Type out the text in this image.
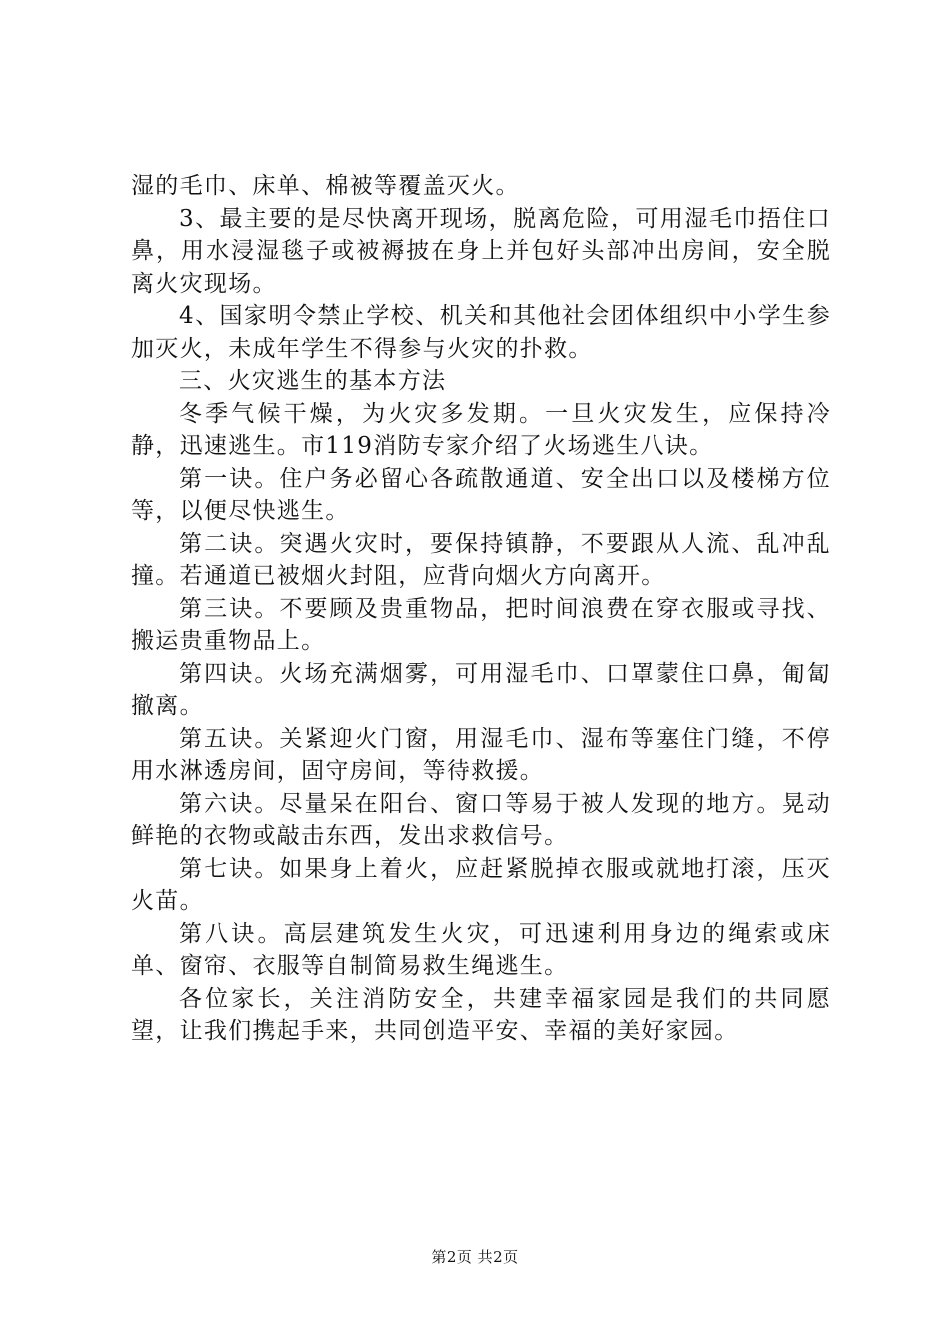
湿的毛巾、床单、棉被等覆盖灭火。

3、最主要的是尽快离开现场，脱离危险，可用湿毛巾捂住口鼻，用水浸湿毯子或被褥披在身上并包好头部冲出房间，安全脱离火灾现场。

4、国家明令禁止学校、机关和其他社会团体组织中小学生参加灭火，未成年学生不得参与火灾的扑救。

三、火灾逃生的基本方法

冬季气候干燥，为火灾多发期。一旦火灾发生，应保持冷静，迅速逃生。市119消防专家介绍了火场逃生八诀。

第一诀。住户务必留心各疏散通道、安全出口以及楼梯方位等，以便尽快逃生。

第二诀。突遇火灾时，要保持镇静，不要跟从人流、乱冲乱撞。若通道已被烟火封阻，应背向烟火方向离开。

第三诀。不要顾及贵重物品，把时间浪费在穿衣服或寻找、搬运贵重物品上。

第四诀。火场充满烟雾，可用湿毛巾、口罩蒙住口鼻，匍匐撤离。

第五诀。关紧迎火门窗，用湿毛巾、湿布等塞住门缝，不停用水淋透房间，固守房间，等待救援。

第六诀。尽量呆在阳台、窗口等易于被人发现的地方。晃动鲜艳的衣物或敲击东西，发出求救信号。

第七诀。如果身上着火，应赶紧脱掉衣服或就地打滚，压灭火苗。

第八诀。高层建筑发生火灾，可迅速利用身边的绳索或床单、窗帘、衣服等自制简易救生绳逃生。

各位家长，关注消防安全，共建幸福家园是我们的共同愿望，让我们携起手来，共同创造平安、幸福的美好家园。

第2页 共2页
